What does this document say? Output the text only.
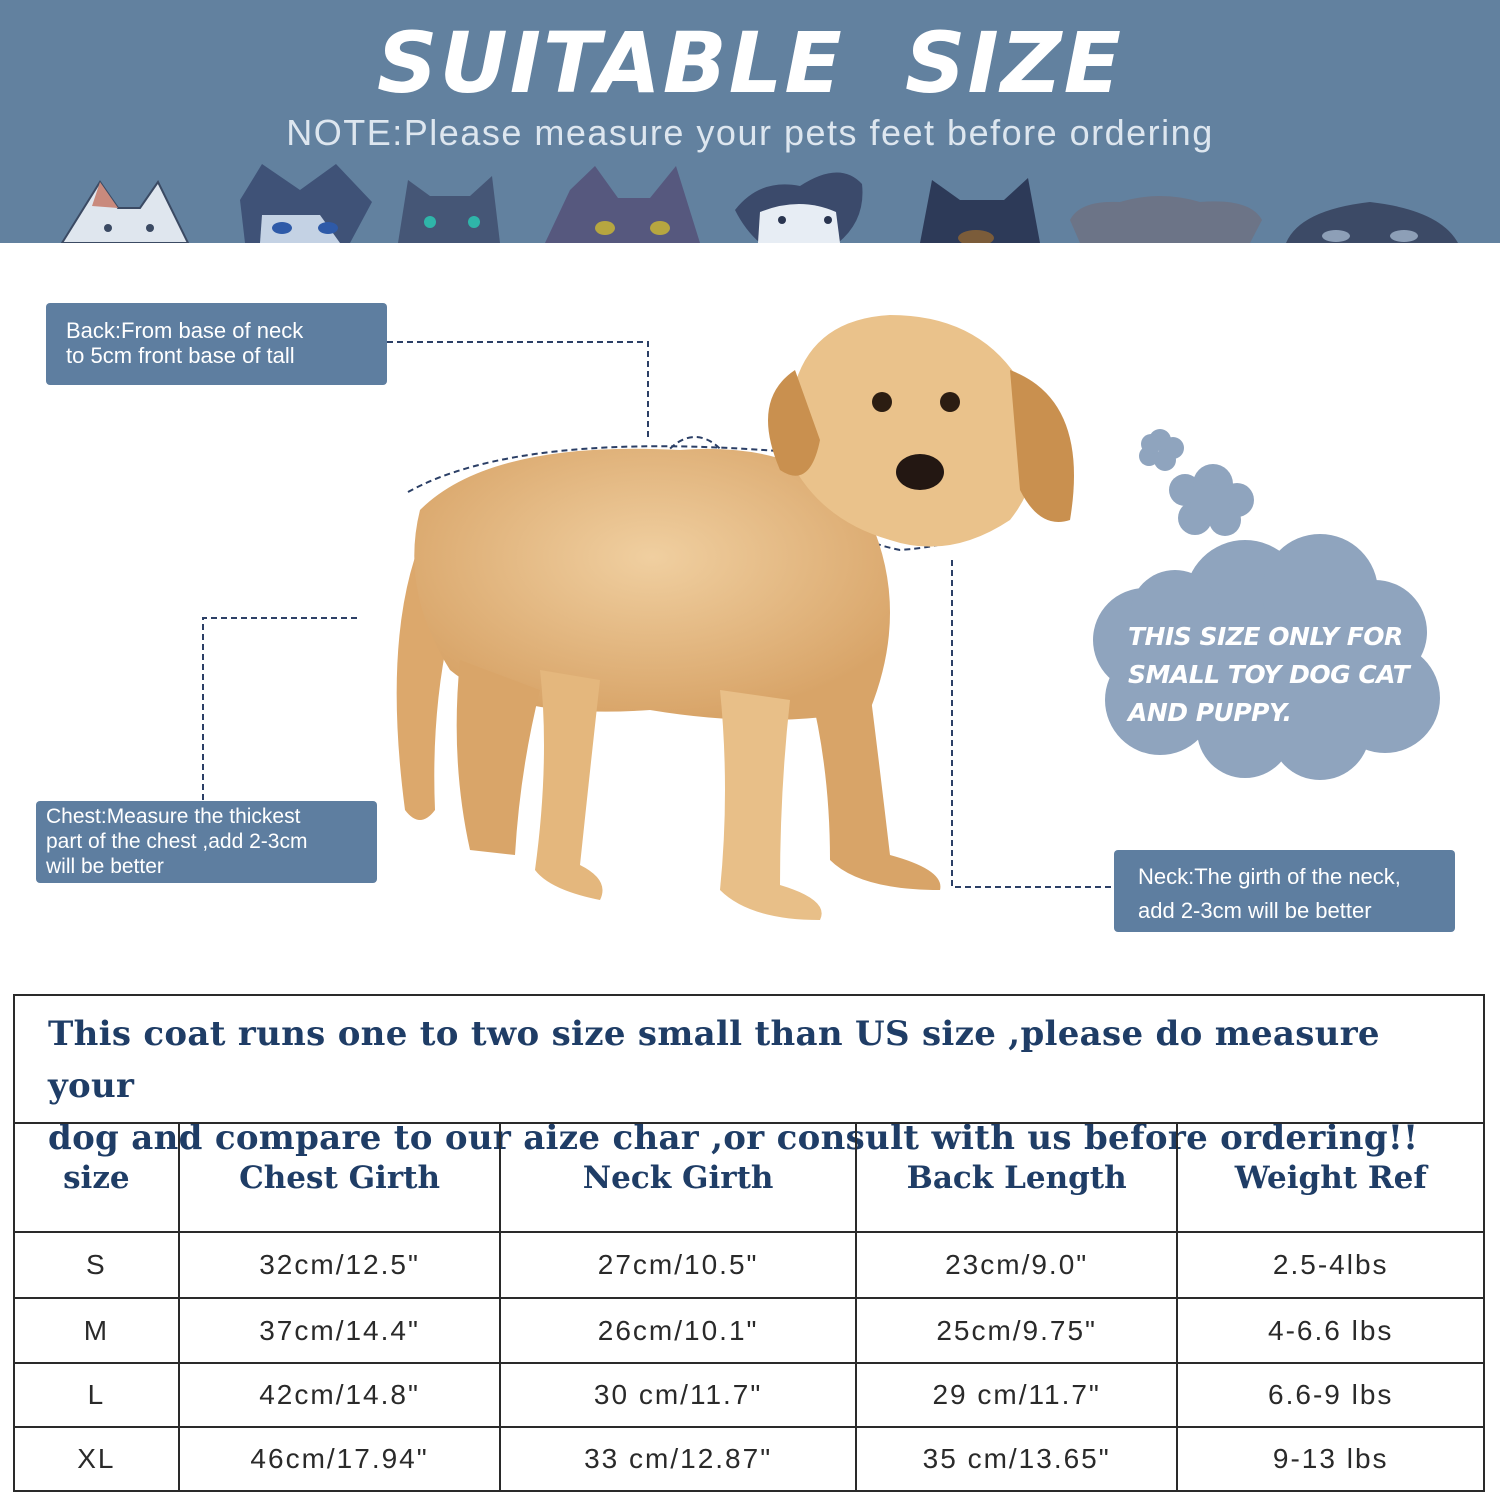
SUITABLE SIZE
NOTE:Please measure your pets feet before ordering
Back:From base of neck
to 5cm front base of tall
Chest:Measure the thickest
part of the chest ,add 2-3cm
will be better	Neck:The girth of the neck,
add 2-3cm will be better
THIS SIZE ONLY FOR
SMALL TOY DOG CAT
AND PUPPY.
This coat runs one to two size small than US size ,please do measure your
dog and compare to our aize char ,or consult with us before ordering!!
size	Chest Girth	Neck Girth	Back Length	Weight Ref
S	32cm/12.5"	27cm/10.5"	23cm/9.0"	2.5-4lbs
M	37cm/14.4"	26cm/10.1"	25cm/9.75"	4-6.6 lbs
L	42cm/14.8"	30 cm/11.7"	29 cm/11.7"	6.6-9 lbs
XL	46cm/17.94"	33 cm/12.87"	35 cm/13.65"	9-13 lbs
